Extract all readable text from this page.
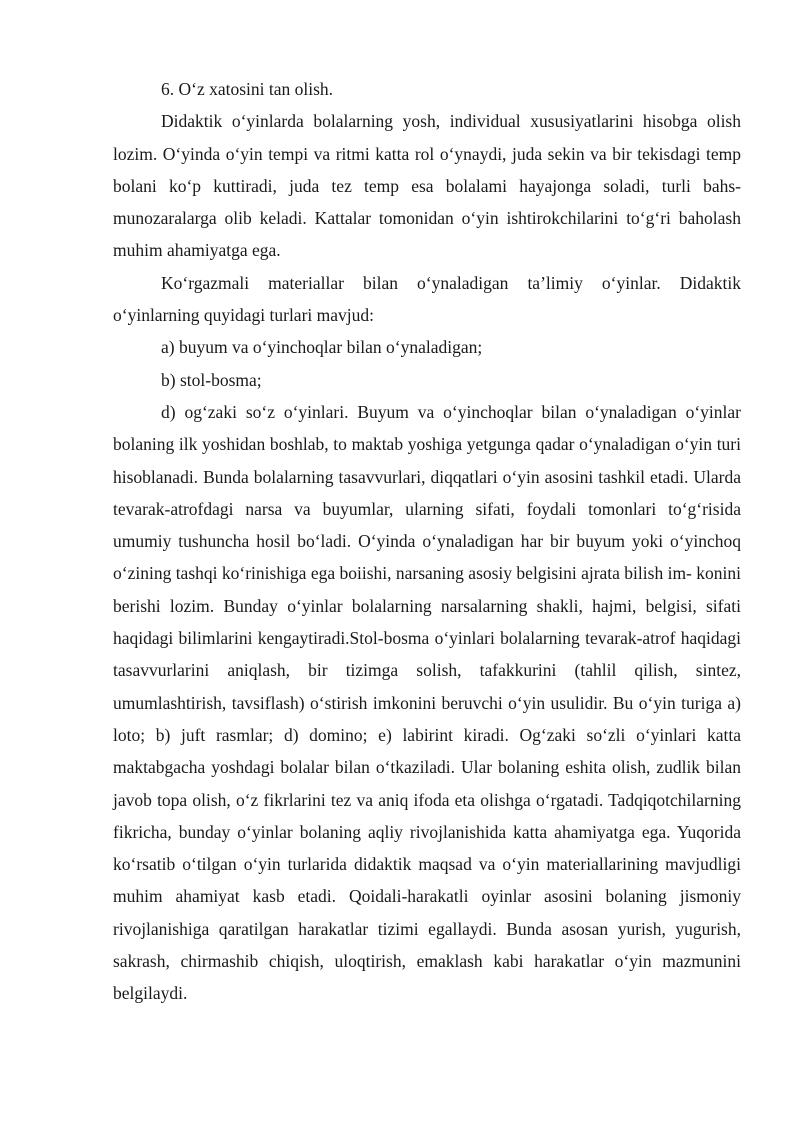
6. O‘z xatosini tan olish.

Didaktik o‘yinlarda bolalarning yosh, individual xususiyatlarini hisobga olish lozim. O‘yinda o‘yin tempi va ritmi katta rol o‘ynaydi, juda sekin va bir tekisdagi temp bolani ko‘p kuttiradi, juda tez temp esa bolalami hayajonga soladi, turli bahs-munozaralarga olib keladi. Kattalar tomonidan o‘yin ishtirokchilarini to‘g‘ri baholash muhim ahamiyatga ega.

Ko‘rgazmali materiallar bilan o‘ynaladigan ta’limiy o‘yinlar. Didaktik o‘yinlarning quyidagi turlari mavjud:

a) buyum va o‘yinchoqlar bilan o‘ynaladigan;

b) stol-bosma;

d) og‘zaki so‘z o‘yinlari. Buyum va o‘yinchoqlar bilan o‘ynaladigan o‘yinlar bolaning ilk yoshidan boshlab, to maktab yoshiga yetgunga qadar o‘ynaladigan o‘yin turi hisoblanadi. Bunda bolalarning tasavvurlari, diqqatlari o‘yin asosini tashkil etadi. Ularda tevarak-atrofdagi narsa va buyumlar, ularning sifati, foydali tomonlari to‘g‘risida umumiy tushuncha hosil bo‘ladi. O‘yinda o‘ynaladigan har bir buyum yoki o‘yinchoq o‘zining tashqi ko‘rinishiga ega boiishi, narsaning asosiy belgisini ajrata bilish im- konini berishi lozim. Bunday o‘yinlar bolalarning narsalarning shakli, hajmi, belgisi, sifati haqidagi bilimlarini kengaytiradi.Stol-bosma o‘yinlari bolalarning tevarak-atrof haqidagi tasavvurlarini aniqlash, bir tizimga solish, tafakkurini (tahlil qilish, sintez, umumlashtirish, tavsiflash) o‘stirish imkonini beruvchi o‘yin usulidir. Bu o‘yin turiga a) loto; b) juft rasmlar; d) domino; e) labirint kiradi. Og‘zaki so‘zli o‘yinlari katta maktabgacha yoshdagi bolalar bilan o‘tkaziladi. Ular bolaning eshita olish, zudlik bilan javob topa olish, o‘z fikrlarini tez va aniq ifoda eta olishga o‘rgatadi. Tadqiqotchilarning fikricha, bunday o‘yinlar bolaning aqliy rivojlanishida katta ahamiyatga ega. Yuqorida ko‘rsatib o‘tilgan o‘yin turlarida didaktik maqsad va o‘yin materiallarining mavjudligi muhim ahamiyat kasb etadi. Qoidali-harakatli oyinlar asosini bolaning jismoniy rivojlanishiga qaratilgan harakatlar tizimi egallaydi. Bunda asosan yurish, yugurish, sakrash, chirmashib chiqish, uloqtirish, emaklash kabi harakatlar o‘yin mazmunini belgilaydi.
